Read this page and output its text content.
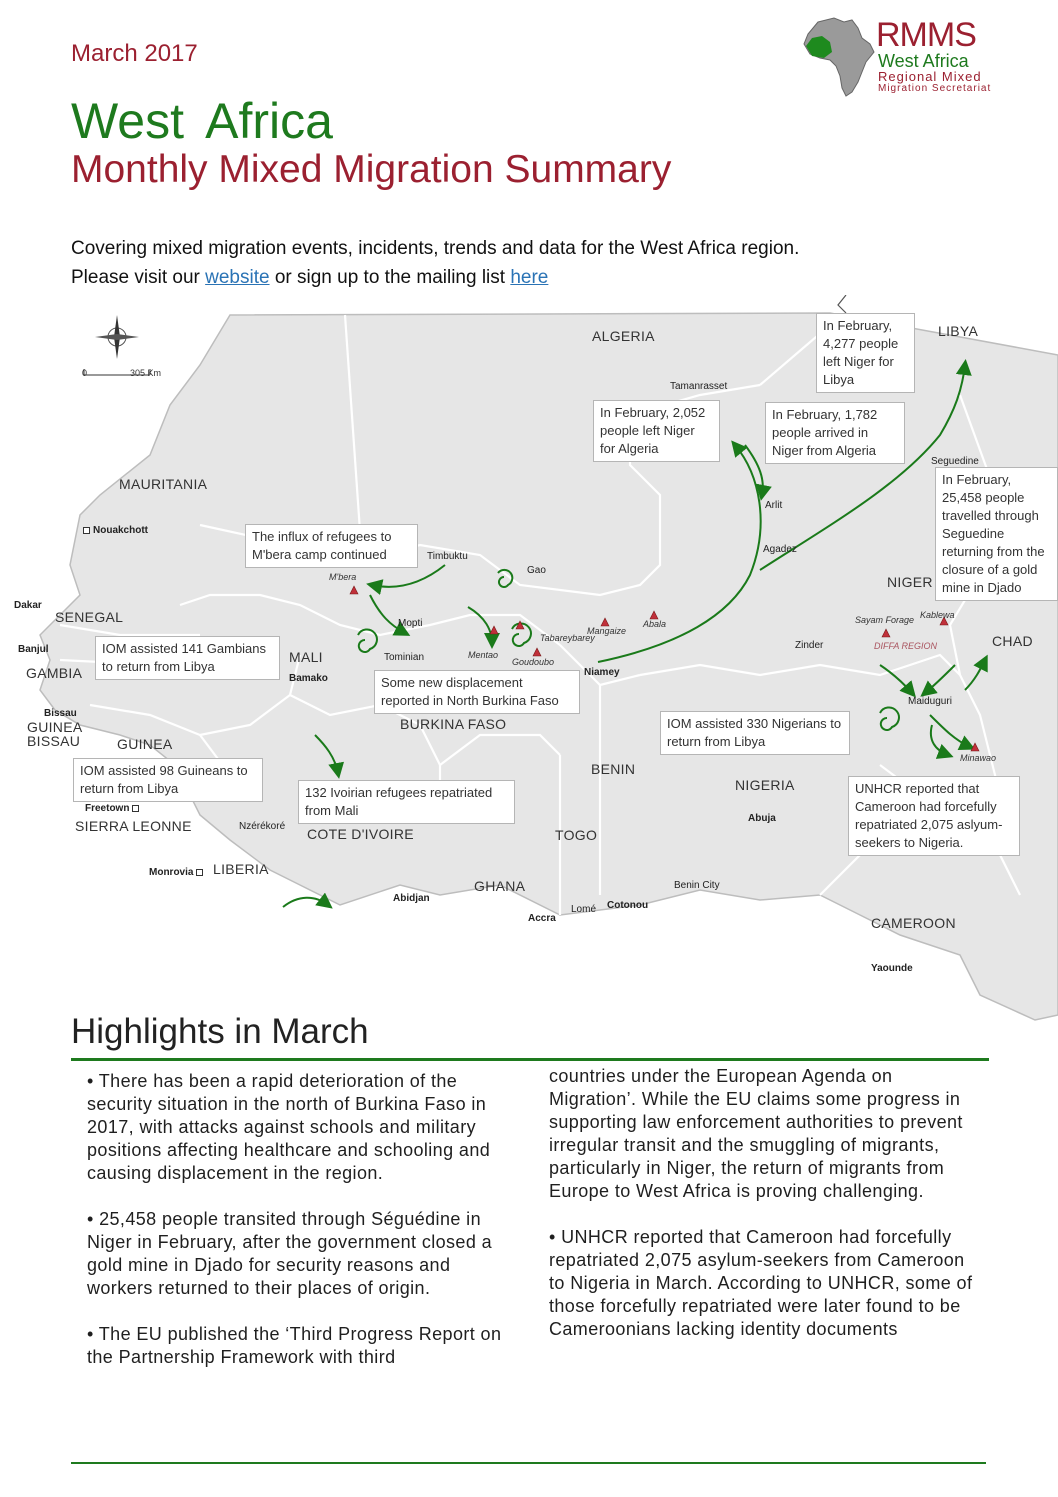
March 2017	RMMS
West Africa
Regional Mixed
Migration Secretariat
West Africa
Monthly Mixed Migration Summary
Covering mixed migration events, incidents, trends and data for the West Africa region.
Please visit our website or sign up to the mailing list here
0	305 Km
ALGERIA	LIBYA
MAURITANIA
SENEGAL
GAMBIA
GUINEA
BISSAU	GUINEA
SIERRA LEONNE
LIBERIA
MALI
BURKINA FASO
COTE D'IVOIRE
GHANA
TOGO
BENIN
NIGER
NIGERIA
CHAD
CAMEROON
Nouakchott
Dakar
Banjul
Bissau
Freetown
Monrovia
Bamako
Niamey
Abuja
Abidjan
Accra
Lomé Cotonou
Yaounde
Benin City
Tamanrasset
Arlit
Agadez
Seguedine
Zinder
Maiduguri
Timbuktu
Gao
Mopti
Tominian
Nzérékoré
M'bera
Abala
Mangaize
Tabareybarey
Goudoubo
Mentao
Sayam Forage Kablewa
Minawao
DIFFA REGION
In February, 4,277 people left Niger for Libya
In February, 2,052 people left Niger for Algeria
In February, 1,782 people arrived in Niger from Algeria
In February, 25,458 people travelled through Seguedine returning from the closure of a gold mine in Djado
The influx of refugees to M'bera camp continued
IOM assisted 141 Gambians to return from Libya
Some new displacement reported in North Burkina Faso
IOM assisted 330 Nigerians to return from Libya
IOM assisted 98 Guineans to return from Libya	132 Ivoirian refugees repatriated from Mali
UNHCR reported that Cameroon had forcefully repatriated 2,075 aslyum-seekers to Nigeria.
Highlights in March

• There has been a rapid deterioration of the security situation in the north of Burkina Faso in 2017, with attacks against schools and military positions affecting healthcare and schooling and causing displacement in the region.

• 25,458 people transited through Séguédine in Niger in February, after the government closed a gold mine in Djado for security reasons and workers returned to their places of origin.

• The EU published the ‘Third Progress Report on the Partnership Framework with third

countries under the European Agenda on Migration’. While the EU claims some progress in supporting law enforcement authorities to prevent irregular transit and the smuggling of migrants, particularly in Niger, the return of migrants from Europe to West Africa is proving challenging.

• UNHCR reported that Cameroon had forcefully repatriated 2,075 asylum-seekers from Cameroon to Nigeria in March. According to UNHCR, some of those forcefully repatriated were later found to be Cameroonians lacking identity documents
